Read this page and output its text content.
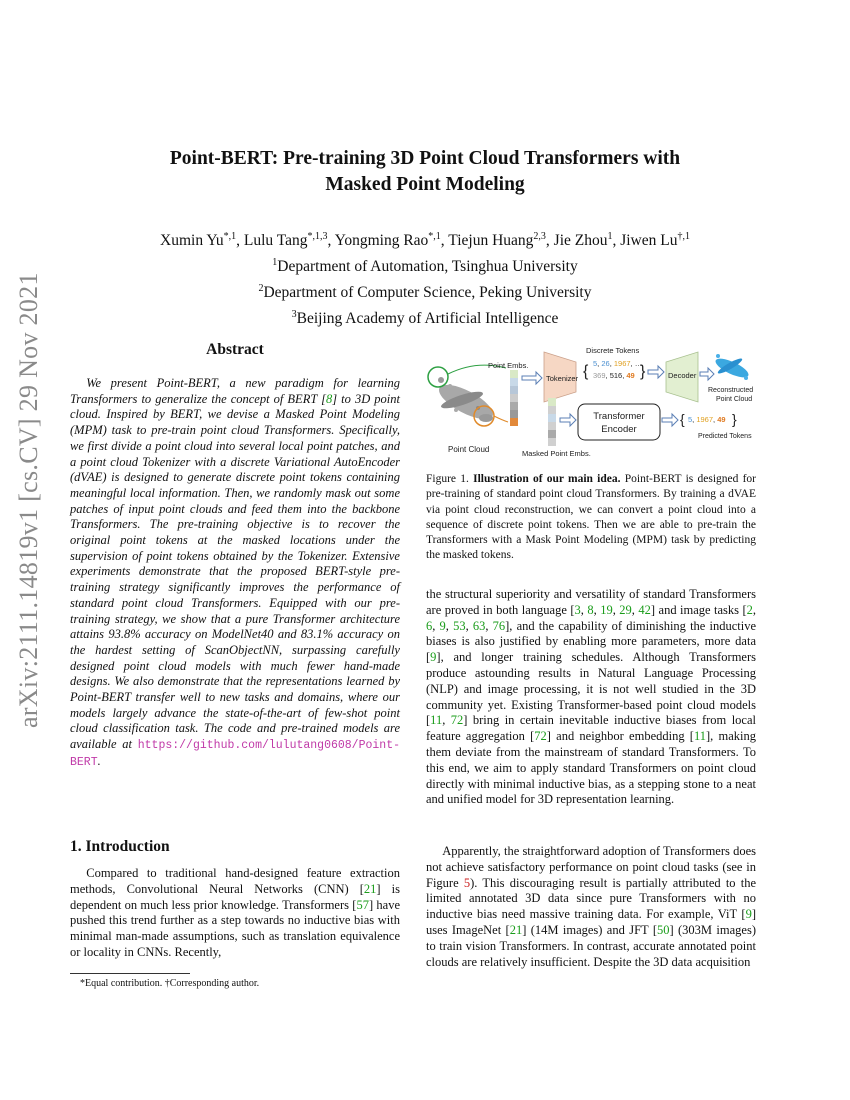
arXiv:2111.14819v1 [cs.CV] 29 Nov 2021
Point-BERT: Pre-training 3D Point Cloud Transformers with
Masked Point Modeling
Xumin $Yu^{*,1}$, Lulu Tang$^{*,1,3}$, Yongming Rao$^{*,1}$, Tiejun Huang$^{2,3}$, Jie Zhou$^1$, Jiwen $Lu^{\dagger,1}$
$^1$Department of Automation, Tsinghua University
$^2$Department of Computer Science, Peking University
$^3$Beijing Academy of Artificial Intelligence
Abstract

We present Point-BERT, a new paradigm for learning Transformers to generalize the concept of BERT [8] to 3D point cloud. Inspired by BERT, we devise a Masked Point Modeling (MPM) task to pre-train point cloud Transformers. Specifically, we first divide a point cloud into several local point patches, and a point cloud Tokenizer with a discrete Variational AutoEncoder (dVAE) is designed to generate discrete point tokens containing meaningful local information. Then, we randomly mask out some patches of input point clouds and feed them into the backbone Transformers. The pre-training objective is to recover the original point tokens at the masked locations under the supervision of point tokens obtained by the Tokenizer. Extensive experiments demonstrate that the proposed BERT-style pre-training strategy significantly improves the performance of standard point cloud Transformers. Equipped with our pre-training strategy, we show that a pure Transformer architecture attains 93.8% accuracy on ModelNet40 and 83.1% accuracy on the hardest setting of ScanObjectNN, surpassing carefully designed point cloud models with much fewer hand-made designs. We also demonstrate that the representations learned by Point-BERT transfer well to new tasks and domains, where our models largely advance the state-of-the-art of few-shot point cloud classification task. The code and pre-trained models are available at https://github.com/lulutang0608/Point-BERT.

1. Introduction

Compared to traditional hand-designed feature extraction methods, Convolutional Neural Networks (CNN) [21] is dependent on much less prior knowledge. Transformers [57] have pushed this trend further as a step towards no inductive bias with minimal man-made assumptions, such as translation equivalence or locality in CNNs. Recently,

*Equal contribution. †Corresponding author.
Point Cloud
Point Embs.
Tokenizer
Discrete Tokens
{ 5, 26, 1967, …
369, 516, 49 }	Decoder
Reconstructed
Point Cloud
Masked Point Embs.
Transformer
Encoder
{ 5, 1967, 49 }
Predicted Tokens
Figure 1. Illustration of our main idea. Point-BERT is designed for pre-training of standard point cloud Transformers. By training a dVAE via point cloud reconstruction, we can convert a point cloud into a sequence of discrete point tokens. Then we are able to pre-train the Transformers with a Mask Point Modeling (MPM) task by predicting the masked tokens.

the structural superiority and versatility of standard Transformers are proved in both language [3, 8, 19, 29, 42] and image tasks [2, 6, 9, 53, 63, 76], and the capability of diminishing the inductive biases is also justified by enabling more parameters, more data [9], and longer training schedules. Although Transformers produce astounding results in Natural Language Processing (NLP) and image processing, it is not well studied in the 3D community yet. Existing Transformer-based point cloud models [11, 72] bring in certain inevitable inductive biases from local feature aggregation [72] and neighbor embedding [11], making them deviate from the mainstream of standard Transformers. To this end, we aim to apply standard Transformers on point cloud directly with minimal inductive bias, as a stepping stone to a neat and unified model for 3D representation learning.

Apparently, the straightforward adoption of Transformers does not achieve satisfactory performance on point cloud tasks (see in Figure 5). This discouraging result is partially attributed to the limited annotated 3D data since pure Transformers with no inductive bias need massive training data. For example, ViT [9] uses ImageNet [21] (14M images) and JFT [50] (303M images) to train vision Transformers. In contrast, accurate annotated point clouds are relatively insufficient. Despite the 3D data acquisition
